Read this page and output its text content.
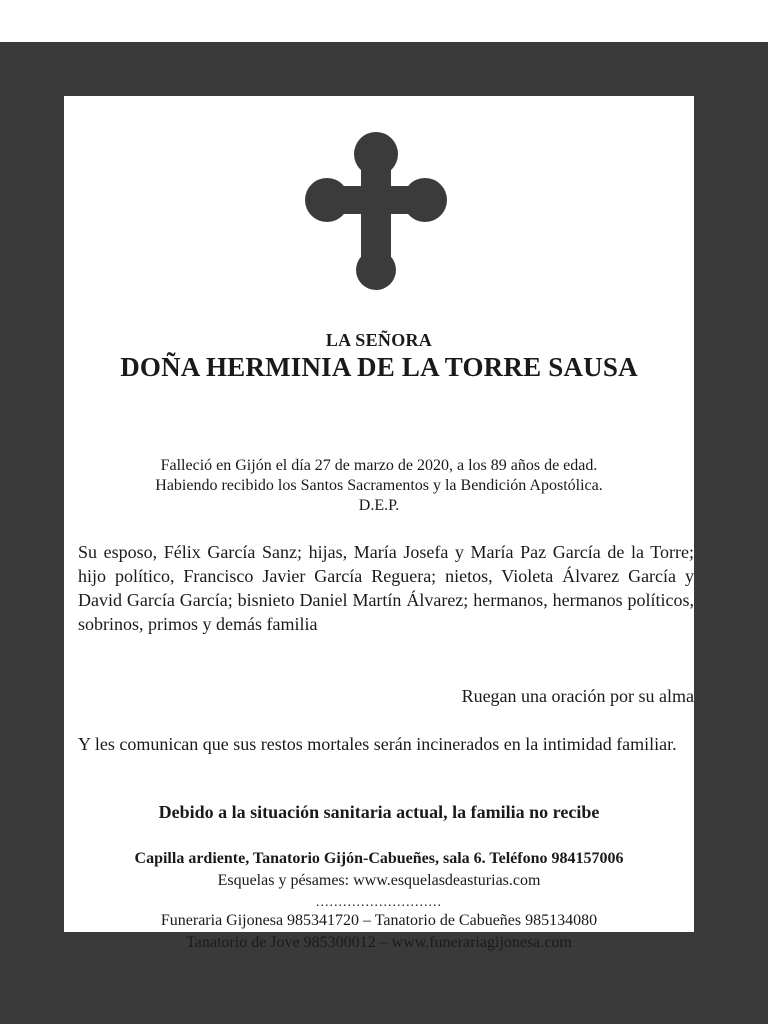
LA SEÑORA
DOÑA HERMINIA DE LA TORRE SAUSA
Falleció en Gijón el día 27 de marzo de 2020, a los 89 años de edad.
Habiendo recibido los Santos Sacramentos y la Bendición Apostólica.
D.E.P.
Su esposo, Félix García Sanz; hijas, María Josefa y María Paz García de la Torre; hijo político, Francisco Javier García Reguera; nietos, Violeta Álvarez García y David García García; bisnieto Daniel Martín Álvarez; hermanos, hermanos políticos, sobrinos, primos y demás familia
Ruegan una oración por su alma
Y les comunican que sus restos mortales serán incinerados en la intimidad familiar.
Debido a la situación sanitaria actual, la familia no recibe
Capilla ardiente, Tanatorio Gijón-Cabueñes, sala 6. Teléfono 984157006
Esquelas y pésames: www.esquelasdeasturias.com
............................
Funeraria Gijonesa 985341720 – Tanatorio de Cabueñes 985134080
Tanatorio de Jove 985300012 – www.funerariagijonesa.com
